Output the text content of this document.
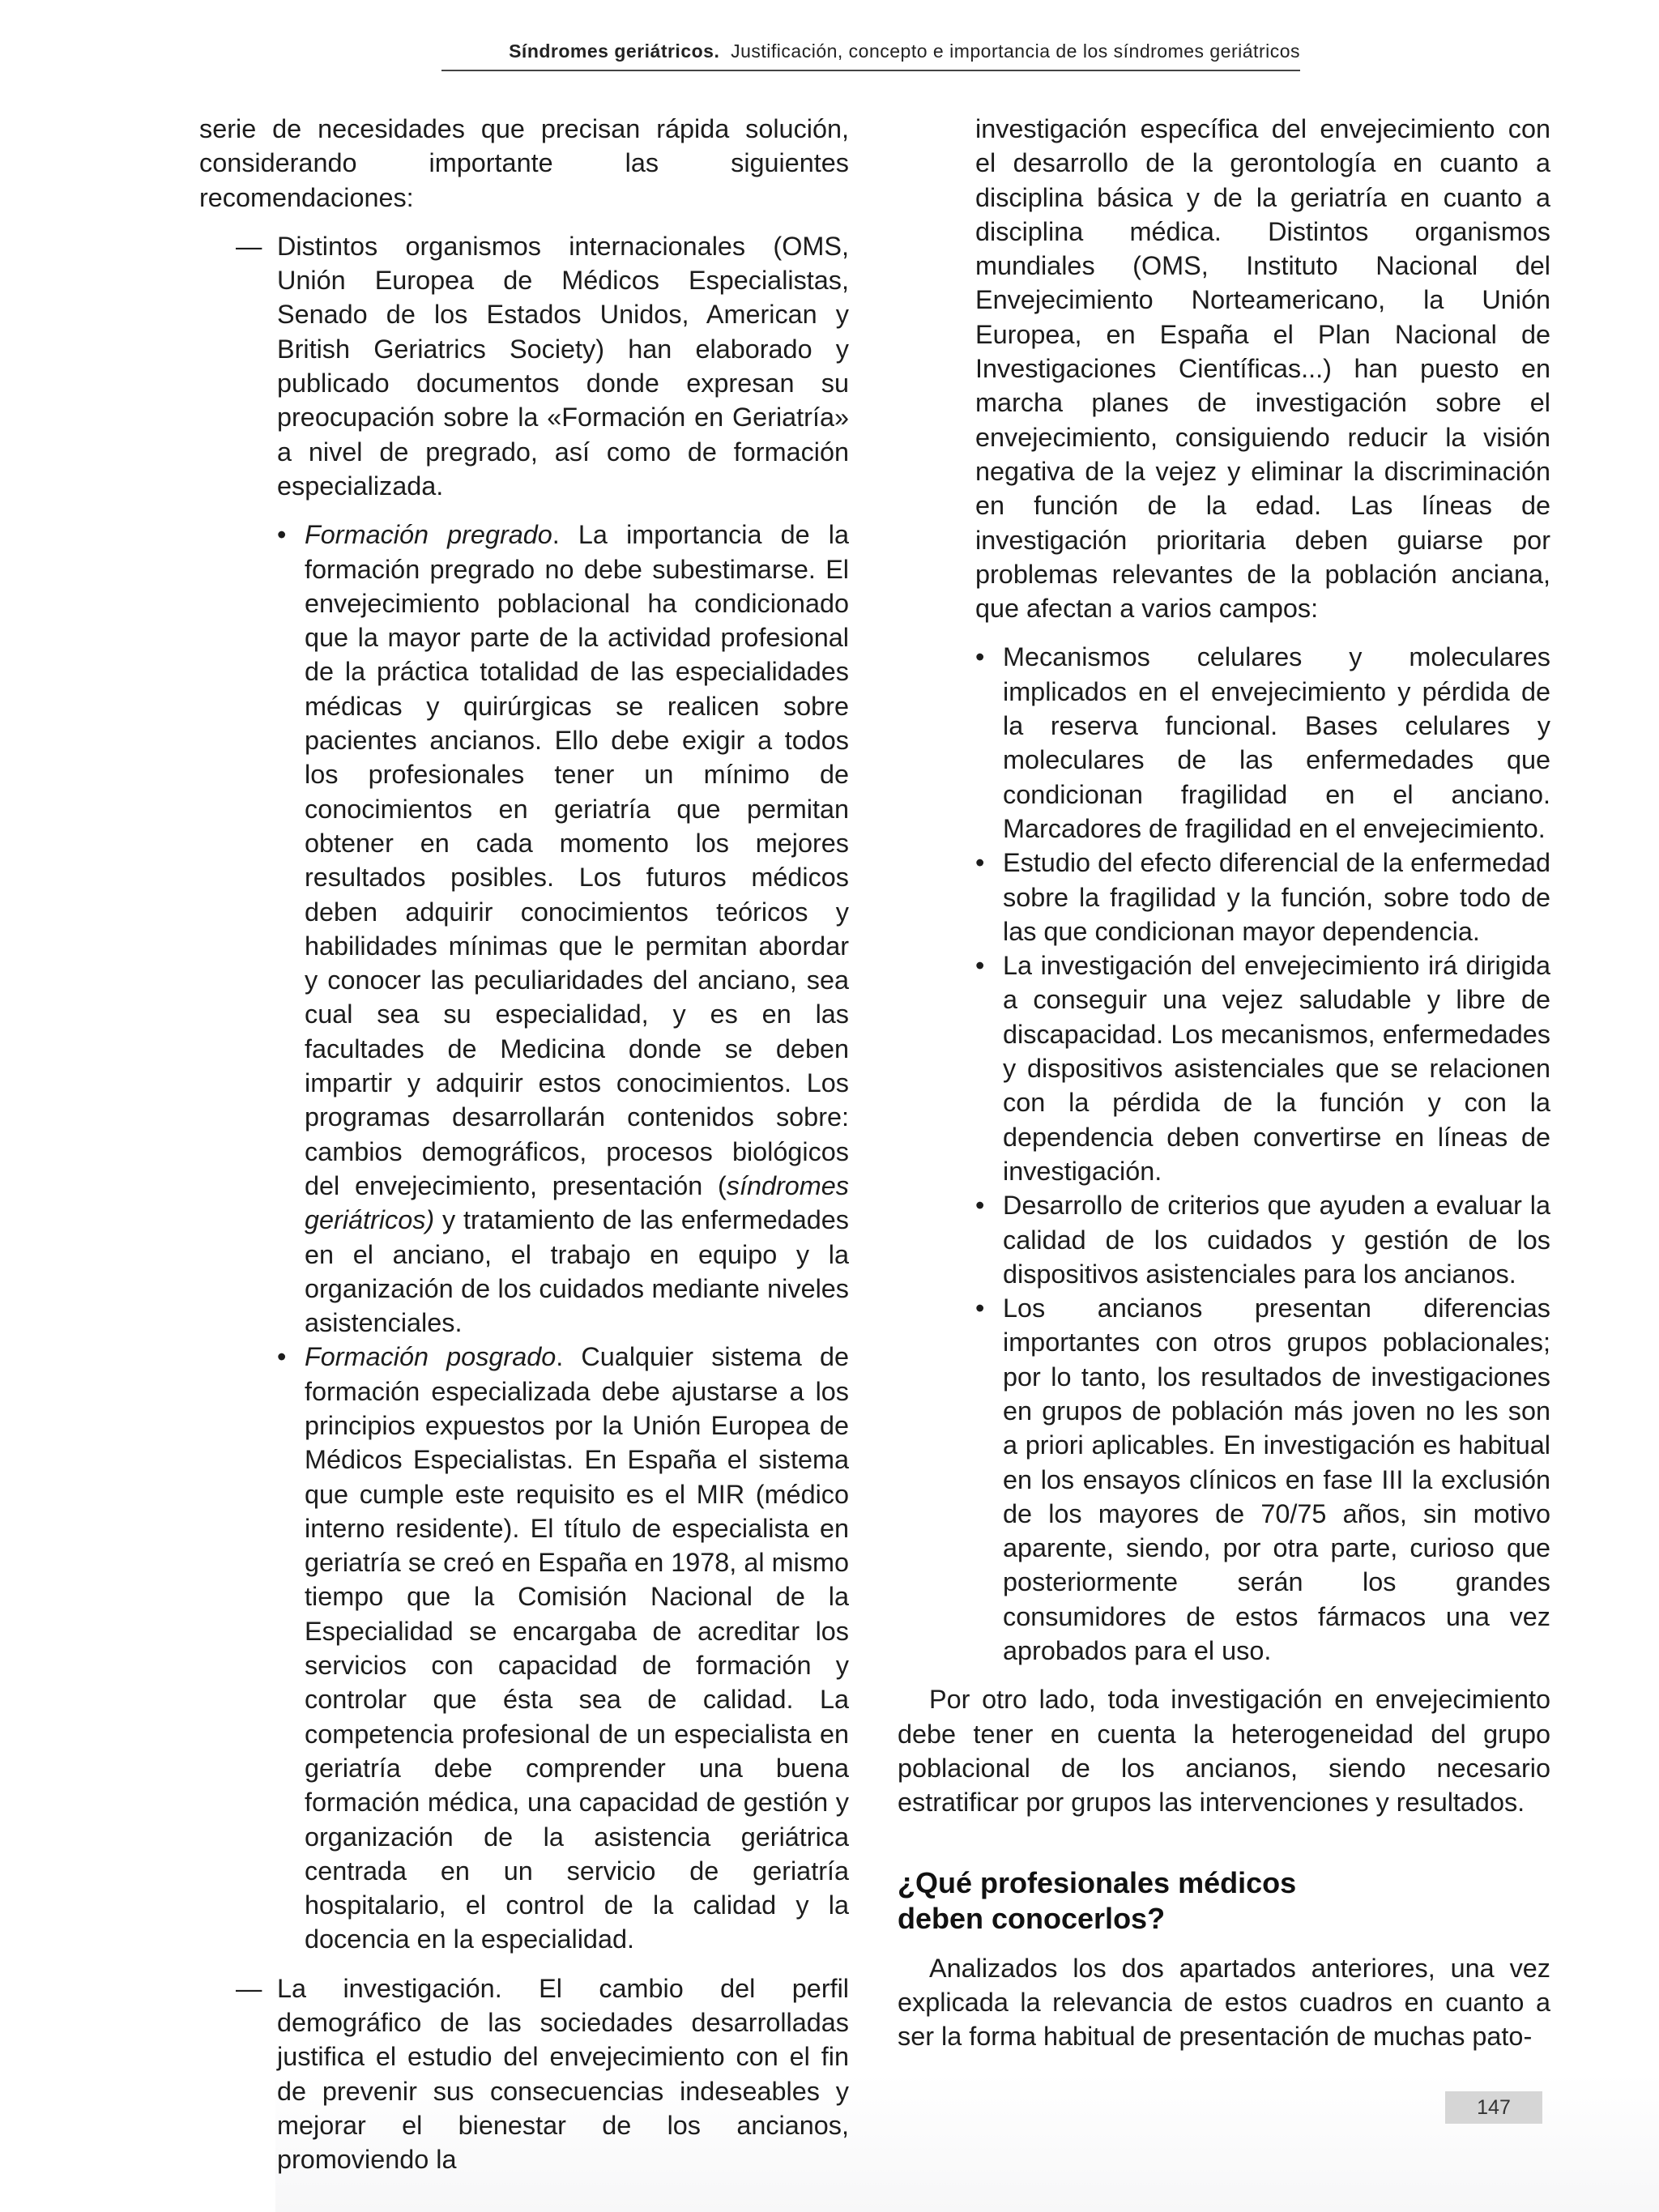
Síndromes geriátricos. Justificación, concepto e importancia de los síndromes geriátricos

serie de necesidades que precisan rápida solución, considerando importante las siguientes recomendaciones:

— Distintos organismos internacionales (OMS, Unión Europea de Médicos Especialistas, Senado de los Estados Unidos, American y British Geriatrics Society) han elaborado y publicado documentos donde expresan su preocupación sobre la «Formación en Geriatría» a nivel de pregrado, así como de formación especializada.

• Formación pregrado. La importancia de la formación pregrado no debe subestimarse. El envejecimiento poblacional ha condicionado que la mayor parte de la actividad profesional de la práctica totalidad de las especialidades médicas y quirúrgicas se realicen sobre pacientes ancianos. Ello debe exigir a todos los profesionales tener un mínimo de conocimientos en geriatría que permitan obtener en cada momento los mejores resultados posibles. Los futuros médicos deben adquirir conocimientos teóricos y habilidades mínimas que le permitan abordar y conocer las peculiaridades del anciano, sea cual sea su especialidad, y es en las facultades de Medicina donde se deben impartir y adquirir estos conocimientos. Los programas desarrollarán contenidos sobre: cambios demográficos, procesos biológicos del envejecimiento, presentación (síndromes geriátricos) y tratamiento de las enfermedades en el anciano, el trabajo en equipo y la organización de los cuidados mediante niveles asistenciales.

• Formación posgrado. Cualquier sistema de formación especializada debe ajustarse a los principios expuestos por la Unión Europea de Médicos Especialistas. En España el sistema que cumple este requisito es el MIR (médico interno residente). El título de especialista en geriatría se creó en España en 1978, al mismo tiempo que la Comisión Nacional de la Especialidad se encargaba de acreditar los servicios con capacidad de formación y controlar que ésta sea de calidad. La competencia profesional de un especialista en geriatría debe comprender una buena formación médica, una capacidad de gestión y organización de la asistencia geriátrica centrada en un servicio de geriatría hospitalario, el control de la calidad y la docencia en la especialidad.

— La investigación. El cambio del perfil demográfico de las sociedades desarrolladas justifica el estudio del envejecimiento con el fin de prevenir sus consecuencias indeseables y mejorar el bienestar de los ancianos, promoviendo la

investigación específica del envejecimiento con el desarrollo de la gerontología en cuanto a disciplina básica y de la geriatría en cuanto a disciplina médica. Distintos organismos mundiales (OMS, Instituto Nacional del Envejecimiento Norteamericano, la Unión Europea, en España el Plan Nacional de Investigaciones Científicas...) han puesto en marcha planes de investigación sobre el envejecimiento, consiguiendo reducir la visión negativa de la vejez y eliminar la discriminación en función de la edad. Las líneas de investigación prioritaria deben guiarse por problemas relevantes de la población anciana, que afectan a varios campos:

• Mecanismos celulares y moleculares implicados en el envejecimiento y pérdida de la reserva funcional. Bases celulares y moleculares de las enfermedades que condicionan fragilidad en el anciano. Marcadores de fragilidad en el envejecimiento.

• Estudio del efecto diferencial de la enfermedad sobre la fragilidad y la función, sobre todo de las que condicionan mayor dependencia.

• La investigación del envejecimiento irá dirigida a conseguir una vejez saludable y libre de discapacidad. Los mecanismos, enfermedades y dispositivos asistenciales que se relacionen con la pérdida de la función y con la dependencia deben convertirse en líneas de investigación.

• Desarrollo de criterios que ayuden a evaluar la calidad de los cuidados y gestión de los dispositivos asistenciales para los ancianos.

• Los ancianos presentan diferencias importantes con otros grupos poblacionales; por lo tanto, los resultados de investigaciones en grupos de población más joven no les son a priori aplicables. En investigación es habitual en los ensayos clínicos en fase III la exclusión de los mayores de 70/75 años, sin motivo aparente, siendo, por otra parte, curioso que posteriormente serán los grandes consumidores de estos fármacos una vez aprobados para el uso.

Por otro lado, toda investigación en envejecimiento debe tener en cuenta la heterogeneidad del grupo poblacional de los ancianos, siendo necesario estratificar por grupos las intervenciones y resultados.

¿Qué profesionales médicos
deben conocerlos?

Analizados los dos apartados anteriores, una vez explicada la relevancia de estos cuadros en cuanto a ser la forma habitual de presentación de muchas pato-

147
